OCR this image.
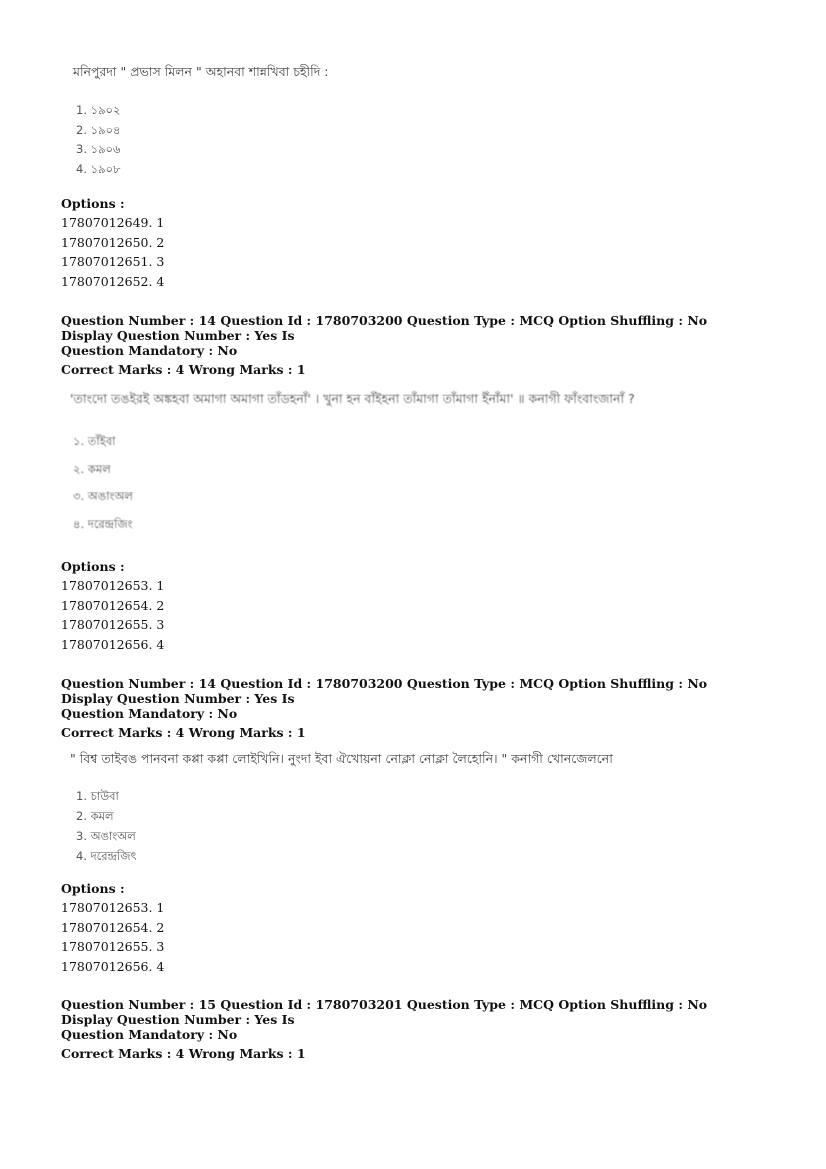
মনিপুরদা " প্রভাস মিলন " অহানবা শান্নখিবা চহীদি :
1. ১৯০২
2. ১৯০৪
3. ১৯০৬
4. ১৯০৮
Options :
17807012649. 1
17807012650. 2
17807012651. 3
17807012652. 4
Question Number : 14 Question Id : 1780703200 Question Type : MCQ Option Shuffling : No Display Question Number : Yes Is
Question Mandatory : No
Correct Marks : 4 Wrong Marks : 1
'তাংদো তঙইরই অঙ্কহবা অমাগা অমাগা তাঁডহনাঁ' । খুনা হন বাঁইহনা তাঁমাগা তাঁমাগা ইঁনাঁমা' ॥ কনাগী ফাঁংবাংজানাঁ ?
১. তাঁইবা
২. কমল
৩. অঙাংঅল
৪. দরেন্দ্রজিং
Options :
17807012653. 1
17807012654. 2
17807012655. 3
17807012656. 4
Question Number : 14 Question Id : 1780703200 Question Type : MCQ Option Shuffling : No Display Question Number : Yes Is
Question Mandatory : No
Correct Marks : 4 Wrong Marks : 1
" বিশ্ব তাইবঙ পানবনা কপ্পা কপ্পা লোইখিনি। নুংদা ইবা ঐখোয়না নোক্লা নোক্লা লৈহোনি। " কনাগী খোনজেলনো
1. চাউবা
2. কমল
3. অঙাংঅল
4. দরেন্দ্রজিৎ
Options :
17807012653. 1
17807012654. 2
17807012655. 3
17807012656. 4
Question Number : 15 Question Id : 1780703201 Question Type : MCQ Option Shuffling : No Display Question Number : Yes Is
Question Mandatory : No
Correct Marks : 4 Wrong Marks : 1
